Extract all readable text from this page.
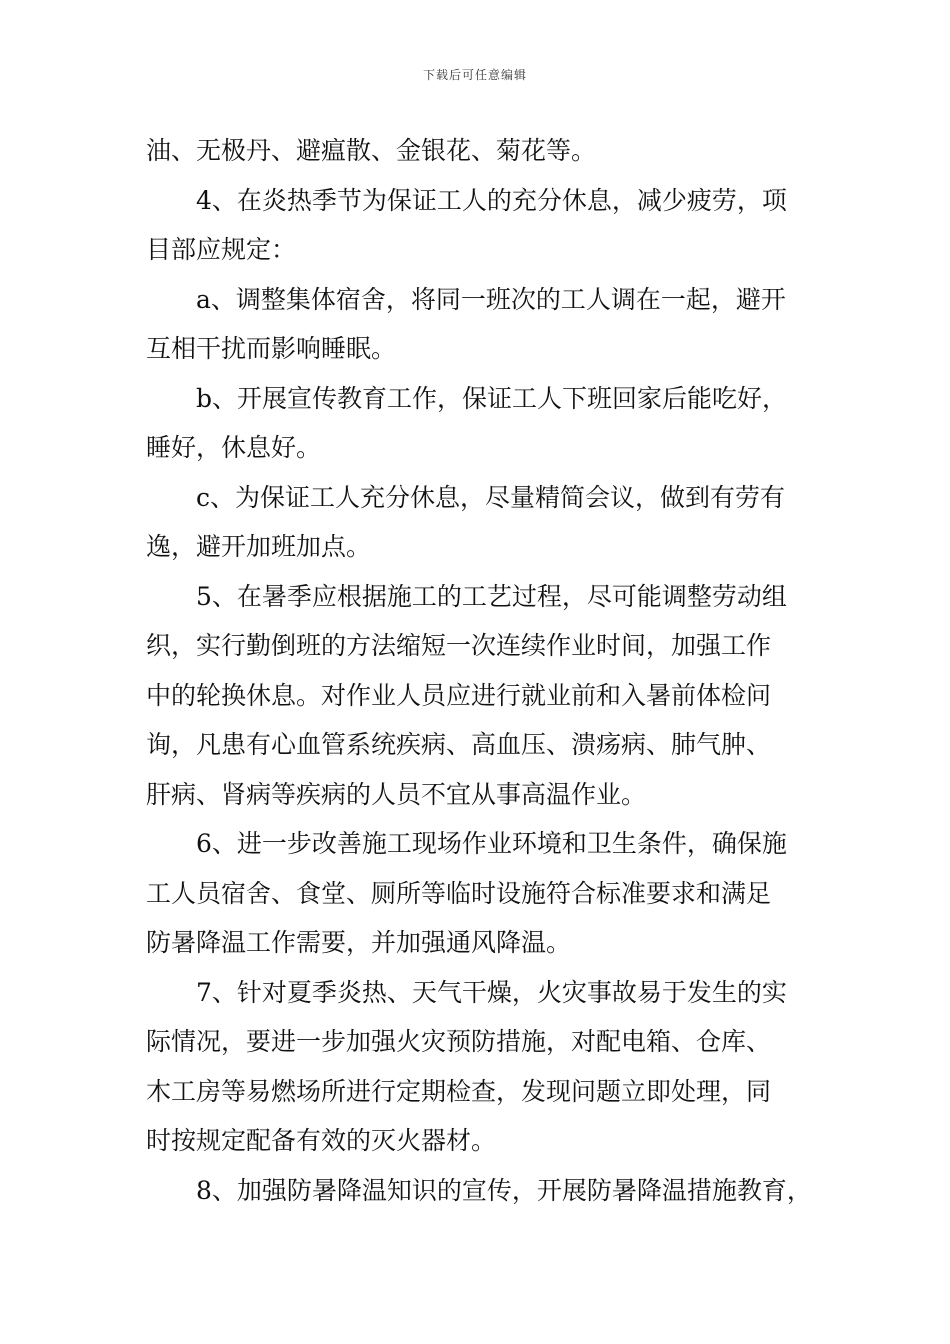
下载后可任意编辑
油、无极丹、避瘟散、金银花、菊花等。
4、在炎热季节为保证工人的充分休息，减少疲劳，项
目部应规定：
a、调整集体宿舍，将同一班次的工人调在一起，避开
互相干扰而影响睡眠。
b、开展宣传教育工作，保证工人下班回家后能吃好，
睡好，休息好。
c、为保证工人充分休息，尽量精简会议，做到有劳有
逸，避开加班加点。
5、在暑季应根据施工的工艺过程，尽可能调整劳动组
织，实行勤倒班的方法缩短一次连续作业时间，加强工作
中的轮换休息。对作业人员应进行就业前和入暑前体检问
询，凡患有心血管系统疾病、高血压、溃疡病、肺气肿、
肝病、肾病等疾病的人员不宜从事高温作业。
6、进一步改善施工现场作业环境和卫生条件，确保施
工人员宿舍、食堂、厕所等临时设施符合标准要求和满足
防暑降温工作需要，并加强通风降温。
7、针对夏季炎热、天气干燥，火灾事故易于发生的实
际情况，要进一步加强火灾预防措施，对配电箱、仓库、
木工房等易燃场所进行定期检查，发现问题立即处理，同
时按规定配备有效的灭火器材。
8、加强防暑降温知识的宣传，开展防暑降温措施教育，
